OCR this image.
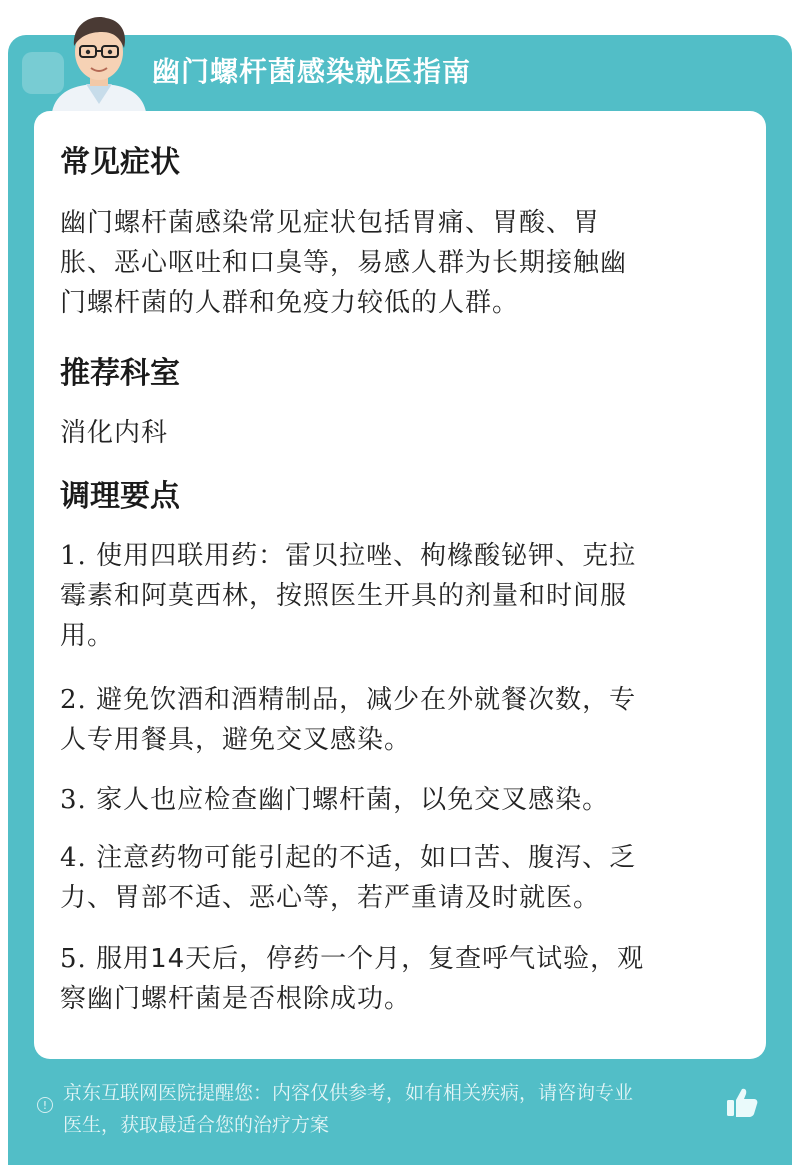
幽门螺杆菌感染就医指南
常见症状
幽门螺杆菌感染常见症状包括胃痛、胃酸、胃
胀、恶心呕吐和口臭等，易感人群为长期接触幽
门螺杆菌的人群和免疫力较低的人群。
推荐科室
消化内科
调理要点
1. 使用四联用药：雷贝拉唑、枸橼酸铋钾、克拉
霉素和阿莫西林，按照医生开具的剂量和时间服
用。
2. 避免饮酒和酒精制品，减少在外就餐次数，专
人专用餐具，避免交叉感染。
3. 家人也应检查幽门螺杆菌，以免交叉感染。
4. 注意药物可能引起的不适，如口苦、腹泻、乏
力、胃部不适、恶心等，若严重请及时就医。
5. 服用14天后，停药一个月，复查呼气试验，观
察幽门螺杆菌是否根除成功。
!
京东互联网医院提醒您：内容仅供参考，如有相关疾病，请咨询专业
医生，获取最适合您的治疗方案
